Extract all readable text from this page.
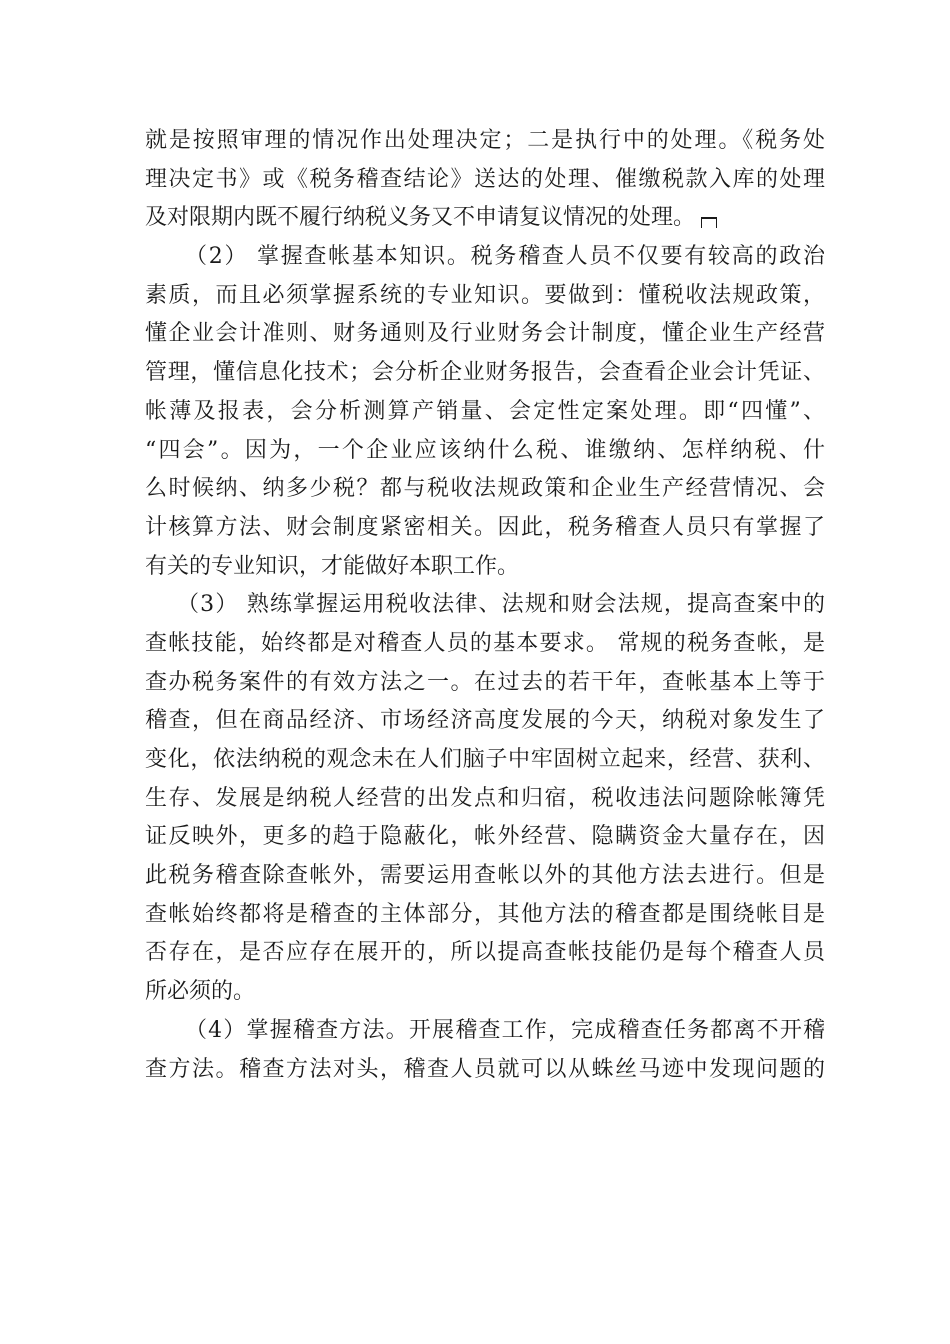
就是按照审理的情况作出处理决定；二是执行中的处理。《税务处
理决定书》或《税务稽查结论》送达的处理、催缴税款入库的处理
及对限期内既不履行纳税义务又不申请复议情况的处理。
（2） 掌握查帐基本知识。税务稽查人员不仅要有较高的政治
素质，而且必须掌握系统的专业知识。要做到：懂税收法规政策，
懂企业会计准则、财务通则及行业财务会计制度，懂企业生产经营
管理，懂信息化技术；会分析企业财务报告，会查看企业会计凭证、
帐薄及报表，会分析测算产销量、会定性定案处理。即“四懂”、
“四会”。因为，一个企业应该纳什么税、谁缴纳、怎样纳税、什
么时候纳、纳多少税？都与税收法规政策和企业生产经营情况、会
计核算方法、财会制度紧密相关。因此，税务稽查人员只有掌握了
有关的专业知识，才能做好本职工作。
（3） 熟练掌握运用税收法律、法规和财会法规，提高查案中的
查帐技能，始终都是对稽查人员的基本要求。 常规的税务查帐，是
查办税务案件的有效方法之一。在过去的若干年，查帐基本上等于
稽查，但在商品经济、市场经济高度发展的今天，纳税对象发生了
变化，依法纳税的观念未在人们脑子中牢固树立起来，经营、获利、
生存、发展是纳税人经营的出发点和归宿，税收违法问题除帐簿凭
证反映外，更多的趋于隐蔽化，帐外经营、隐瞒资金大量存在，因
此税务稽查除查帐外，需要运用查帐以外的其他方法去进行。但是
查帐始终都将是稽查的主体部分，其他方法的稽查都是围绕帐目是
否存在，是否应存在展开的，所以提高查帐技能仍是每个稽查人员
所必须的。
（4）掌握稽查方法。开展稽查工作，完成稽查任务都离不开稽
查方法。稽查方法对头，稽查人员就可以从蛛丝马迹中发现问题的
